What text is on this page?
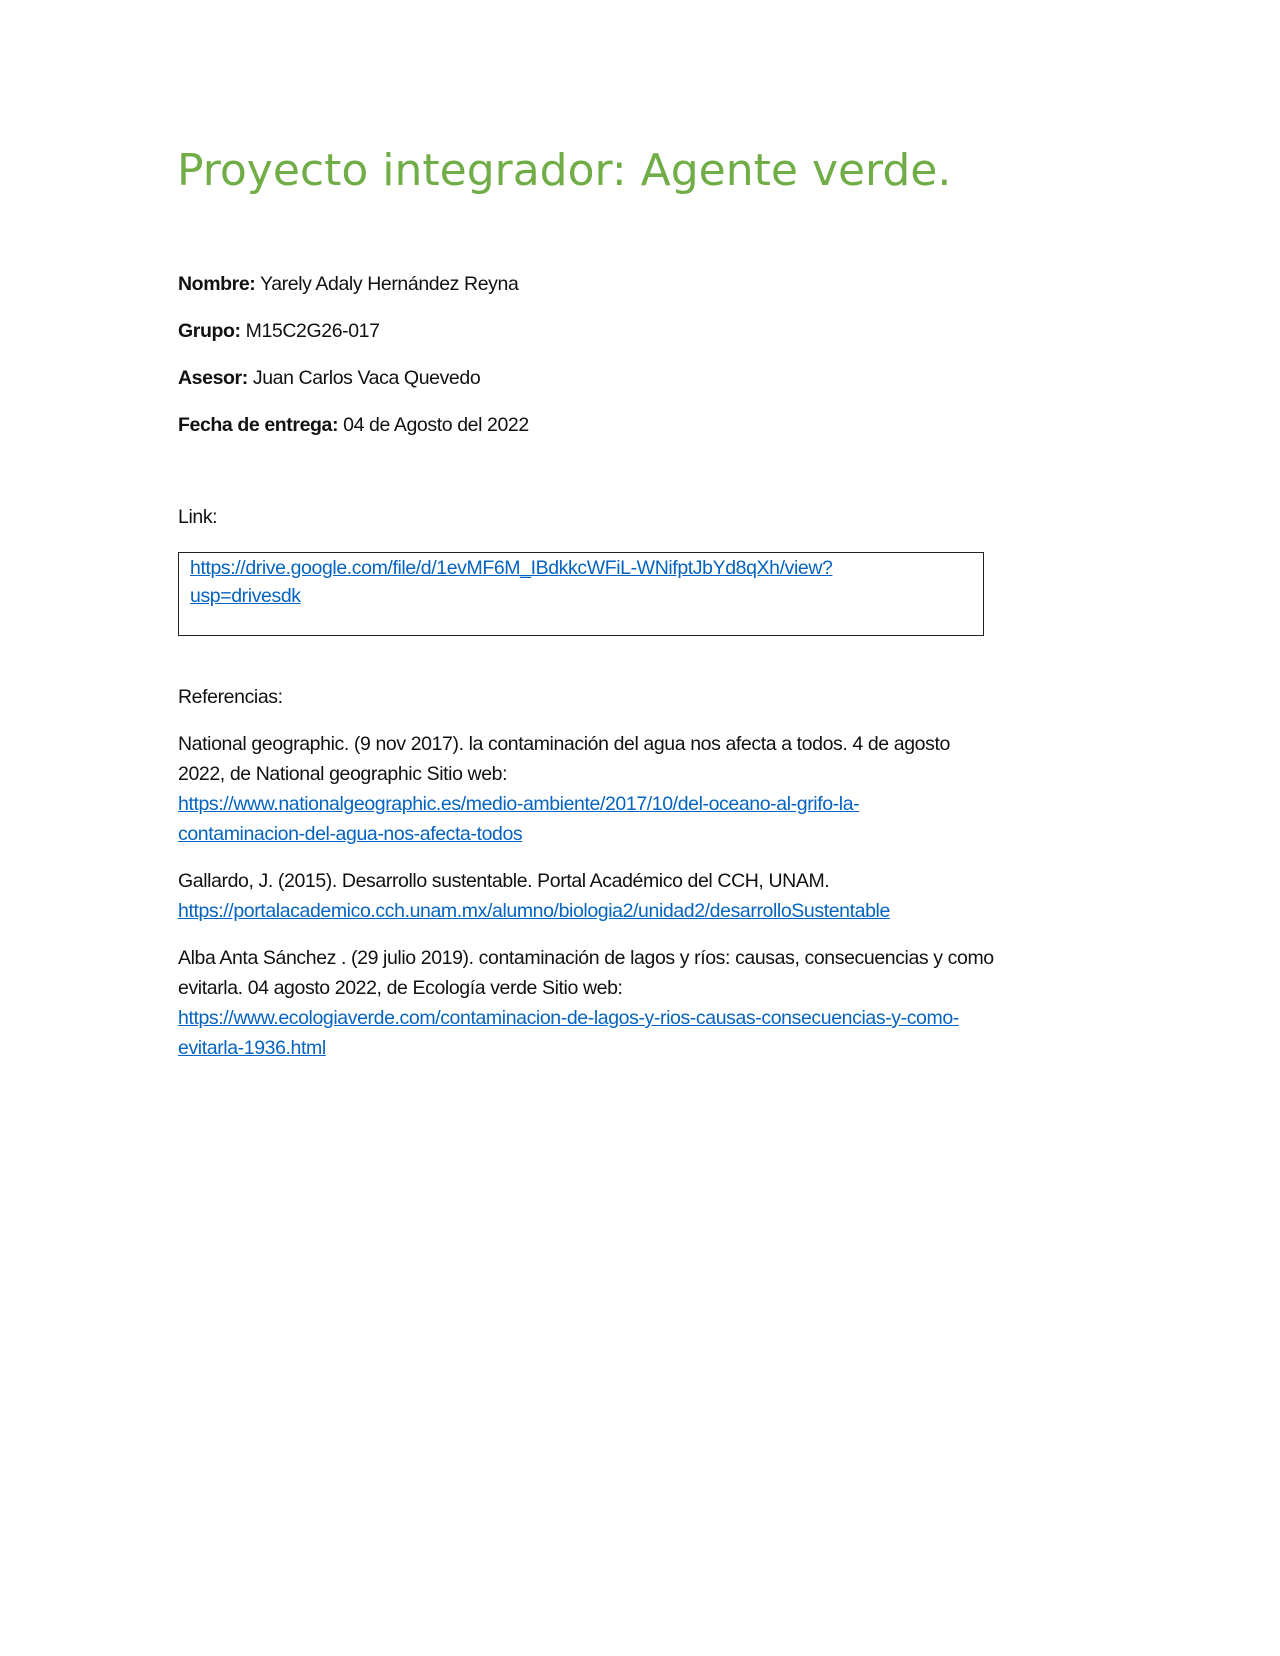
Proyecto integrador: Agente verde.
Nombre: Yarely Adaly Hernández Reyna
Grupo: M15C2G26-017
Asesor: Juan Carlos Vaca Quevedo
Fecha de entrega: 04 de Agosto del 2022
Link:
https://drive.google.com/file/d/1evMF6M_IBdkkcWFiL-WNifptJbYd8qXh/view?
usp=drivesdk
Referencias:
National geographic. (9 nov 2017). la contaminación del agua nos afecta a todos. 4 de agosto
2022, de National geographic Sitio web:
https://www.nationalgeographic.es/medio-ambiente/2017/10/del-oceano-al-grifo-la-
contaminacion-del-agua-nos-afecta-todos
Gallardo, J. (2015). Desarrollo sustentable. Portal Académico del CCH, UNAM.
https://portalacademico.cch.unam.mx/alumno/biologia2/unidad2/desarrolloSustentable
Alba Anta Sánchez . (29 julio 2019). contaminación de lagos y ríos: causas, consecuencias y como
evitarla. 04 agosto 2022, de Ecología verde Sitio web:
https://www.ecologiaverde.com/contaminacion-de-lagos-y-rios-causas-consecuencias-y-como-
evitarla-1936.html
